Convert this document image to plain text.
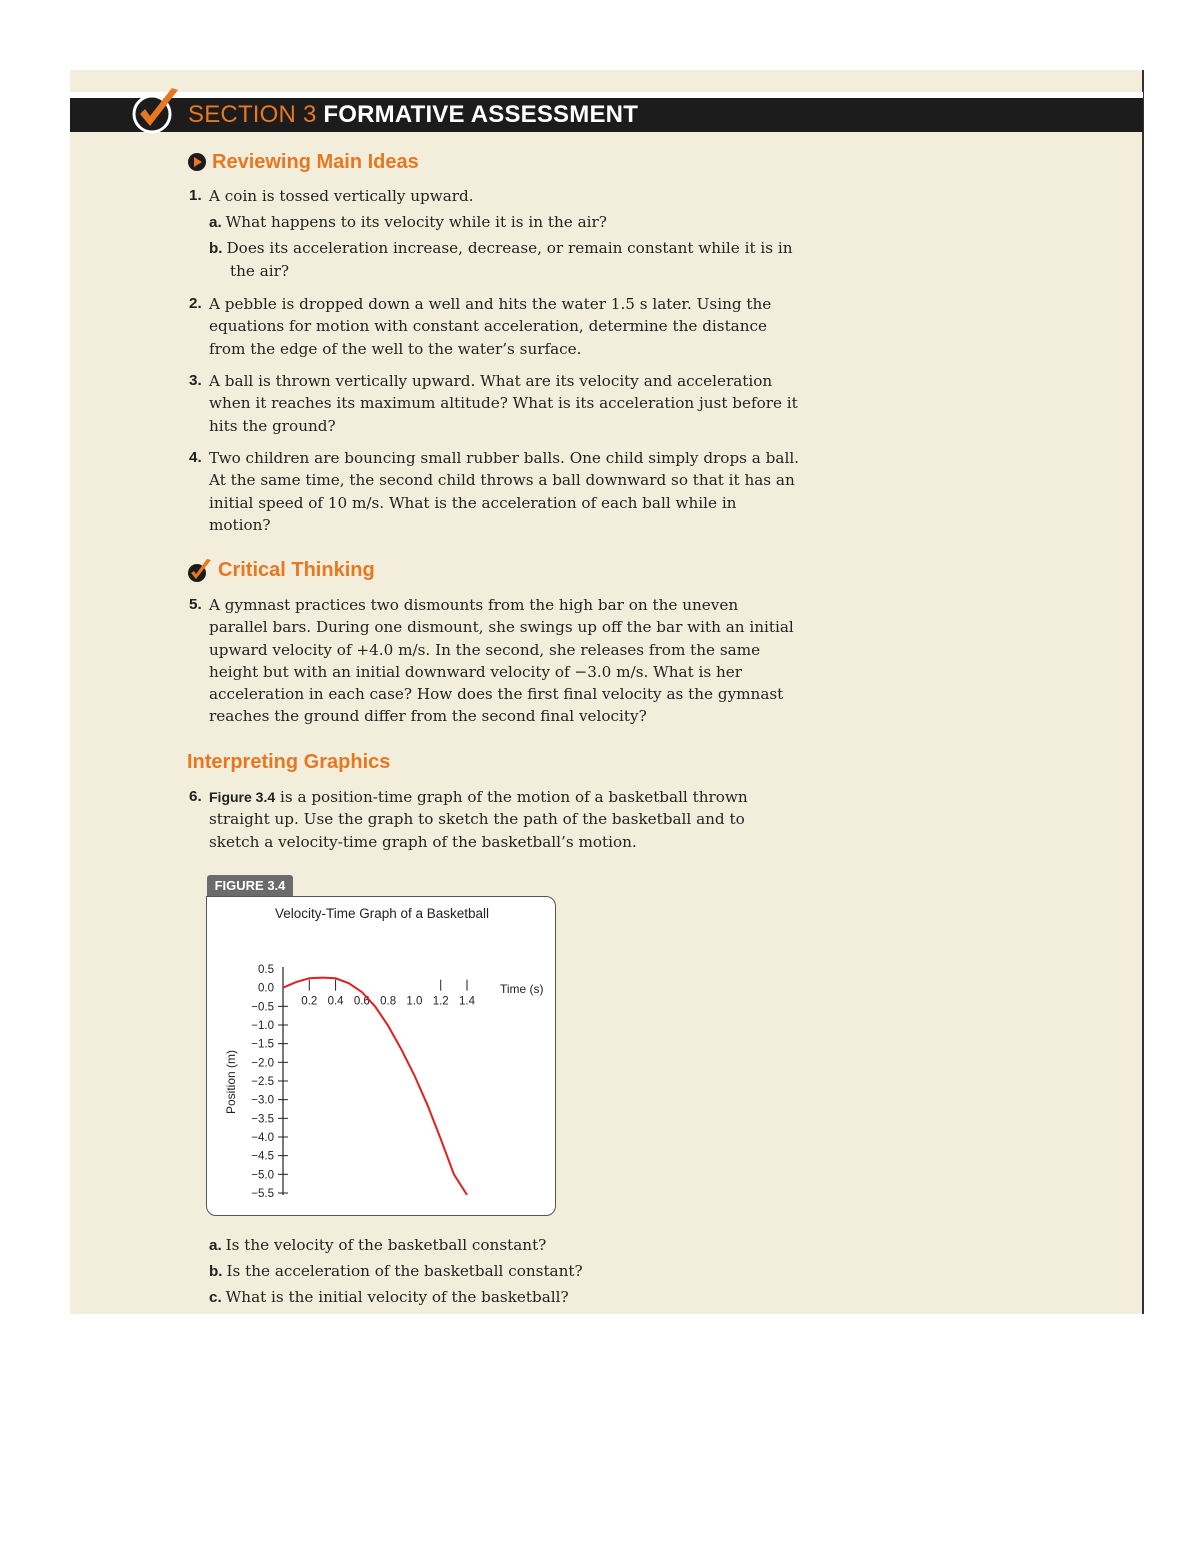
SECTION 3 FORMATIVE ASSESSMENT
Reviewing Main Ideas
1. A coin is tossed vertically upward.
a. What happens to its velocity while it is in the air?
b. Does its acceleration increase, decrease, or remain constant while it is in the air?
2. A pebble is dropped down a well and hits the water 1.5 s later. Using the equations for motion with constant acceleration, determine the distance from the edge of the well to the water’s surface.
3. A ball is thrown vertically upward. What are its velocity and acceleration when it reaches its maximum altitude? What is its acceleration just before it hits the ground?
4. Two children are bouncing small rubber balls. One child simply drops a ball. At the same time, the second child throws a ball downward so that it has an initial speed of 10 m/s. What is the acceleration of each ball while in motion?
Critical Thinking
5. A gymnast practices two dismounts from the high bar on the uneven parallel bars. During one dismount, she swings up off the bar with an initial upward velocity of +4.0 m/s. In the second, she releases from the same height but with an initial downward velocity of −3.0 m/s. What is her acceleration in each case? How does the first final velocity as the gymnast reaches the ground differ from the second final velocity?
Interpreting Graphics
6. Figure 3.4 is a position-time graph of the motion of a basketball thrown straight up. Use the graph to sketch the path of the basketball and to sketch a velocity-time graph of the basketball’s motion.
FIGURE 3.4
Velocity-Time Graph of a Basketball
0.5
0.0
−0.5
−1.0
−1.5
−2.0
−2.5
−3.0
−3.5
−4.0
−4.5
−5.0
−5.5
0.2 0.4 0.6 0.8 1.0 1.2 1.4
Time (s)
Position (m)
a. Is the velocity of the basketball constant?
b. Is the acceleration of the basketball constant?
c. What is the initial velocity of the basketball?
